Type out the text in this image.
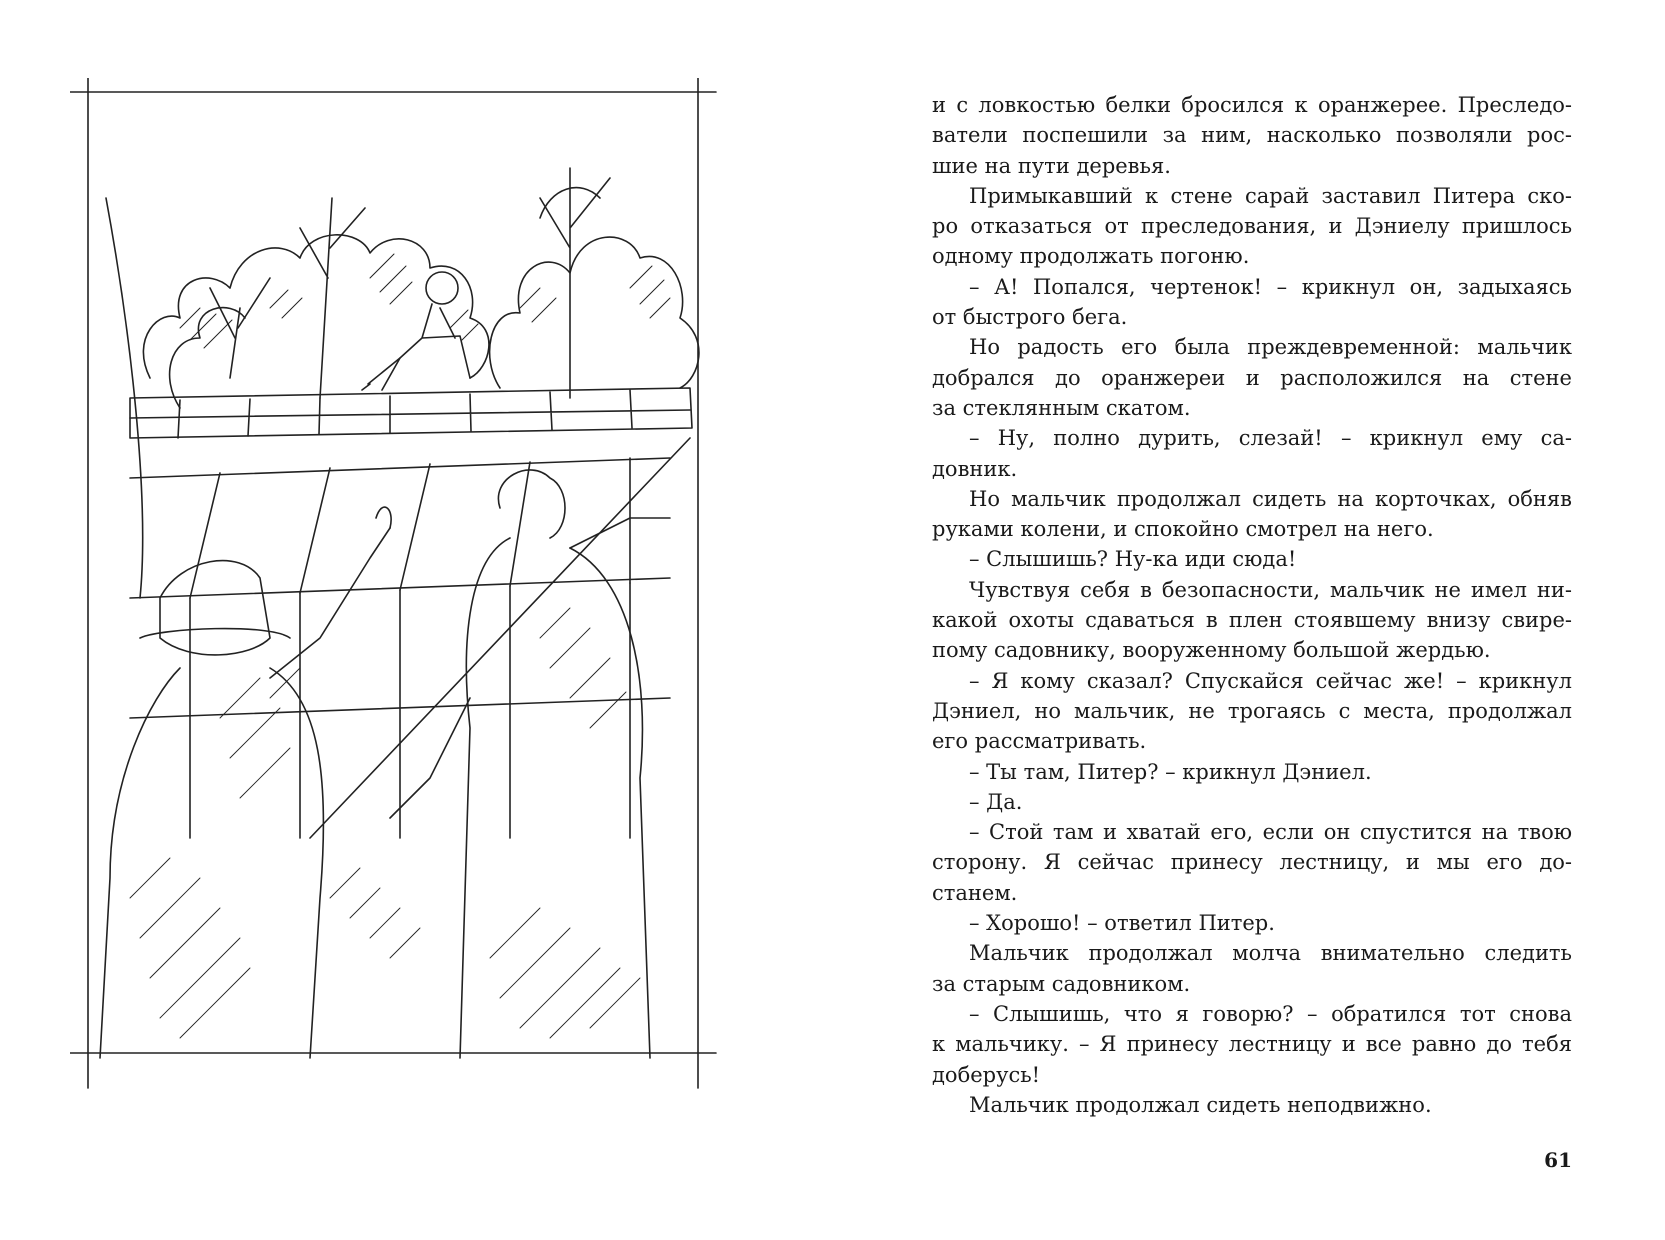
и с ловкостью белки бросился к оранжерее. Преследо-
ватели поспешили за ним, насколько позволяли рос-
шие на пути деревья.
Примыкавший к стене сарай заставил Питера ско-
ро отказаться от преследования, и Дэниелу пришлось
одному продолжать погоню.
– А! Попался, чертенок! – крикнул он, задыхаясь
от быстрого бега.
Но радость его была преждевременной: мальчик
добрался до оранжереи и расположился на стене
за стеклянным скатом.
– Ну, полно дурить, слезай! – крикнул ему са-
довник.
Но мальчик продолжал сидеть на корточках, обняв
руками колени, и спокойно смотрел на него.
– Слышишь? Ну-ка иди сюда!
Чувствуя себя в безопасности, мальчик не имел ни-
какой охоты сдаваться в плен стоявшему внизу свире-
пому садовнику, вооруженному большой жердью.
– Я кому сказал? Спускайся сейчас же! – крикнул
Дэниел, но мальчик, не трогаясь с места, продолжал
его рассматривать.
– Ты там, Питер? – крикнул Дэниел.
– Да.
– Стой там и хватай его, если он спустится на твою
сторону. Я сейчас принесу лестницу, и мы его до-
станем.
– Хорошо! – ответил Питер.
Мальчик продолжал молча внимательно следить
за старым садовником.
– Слышишь, что я говорю? – обратился тот снова
к мальчику. – Я принесу лестницу и все равно до тебя
доберусь!
Мальчик продолжал сидеть неподвижно.
61
